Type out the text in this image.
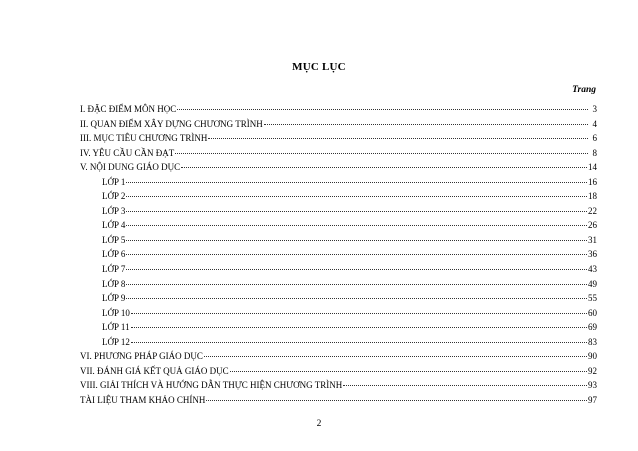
MỤC LỤC
Trang
I. ĐẶC ĐIỂM MÔN HỌC	3
II. QUAN ĐIỂM XÂY DỰNG CHƯƠNG TRÌNH	4
III. MỤC TIÊU CHƯƠNG TRÌNH	6
IV. YÊU CẦU CẦN ĐẠT	8
V. NỘI DUNG GIÁO DỤC	14
LỚP 1	16
LỚP 2	18
LỚP 3	22
LỚP 4	26
LỚP 5	31
LỚP 6	36
LỚP 7	43
LỚP 8	49
LỚP 9	55
LỚP 10	60
LỚP 11	69
LỚP 12	83
VI. PHƯƠNG PHÁP GIÁO DỤC	90
VII. ĐÁNH GIÁ KẾT QUẢ GIÁO DỤC	92
VIII. GIẢI THÍCH VÀ HƯỚNG DẪN THỰC HIỆN CHƯƠNG TRÌNH	93
TÀI LIỆU THAM KHẢO CHÍNH	97
2
